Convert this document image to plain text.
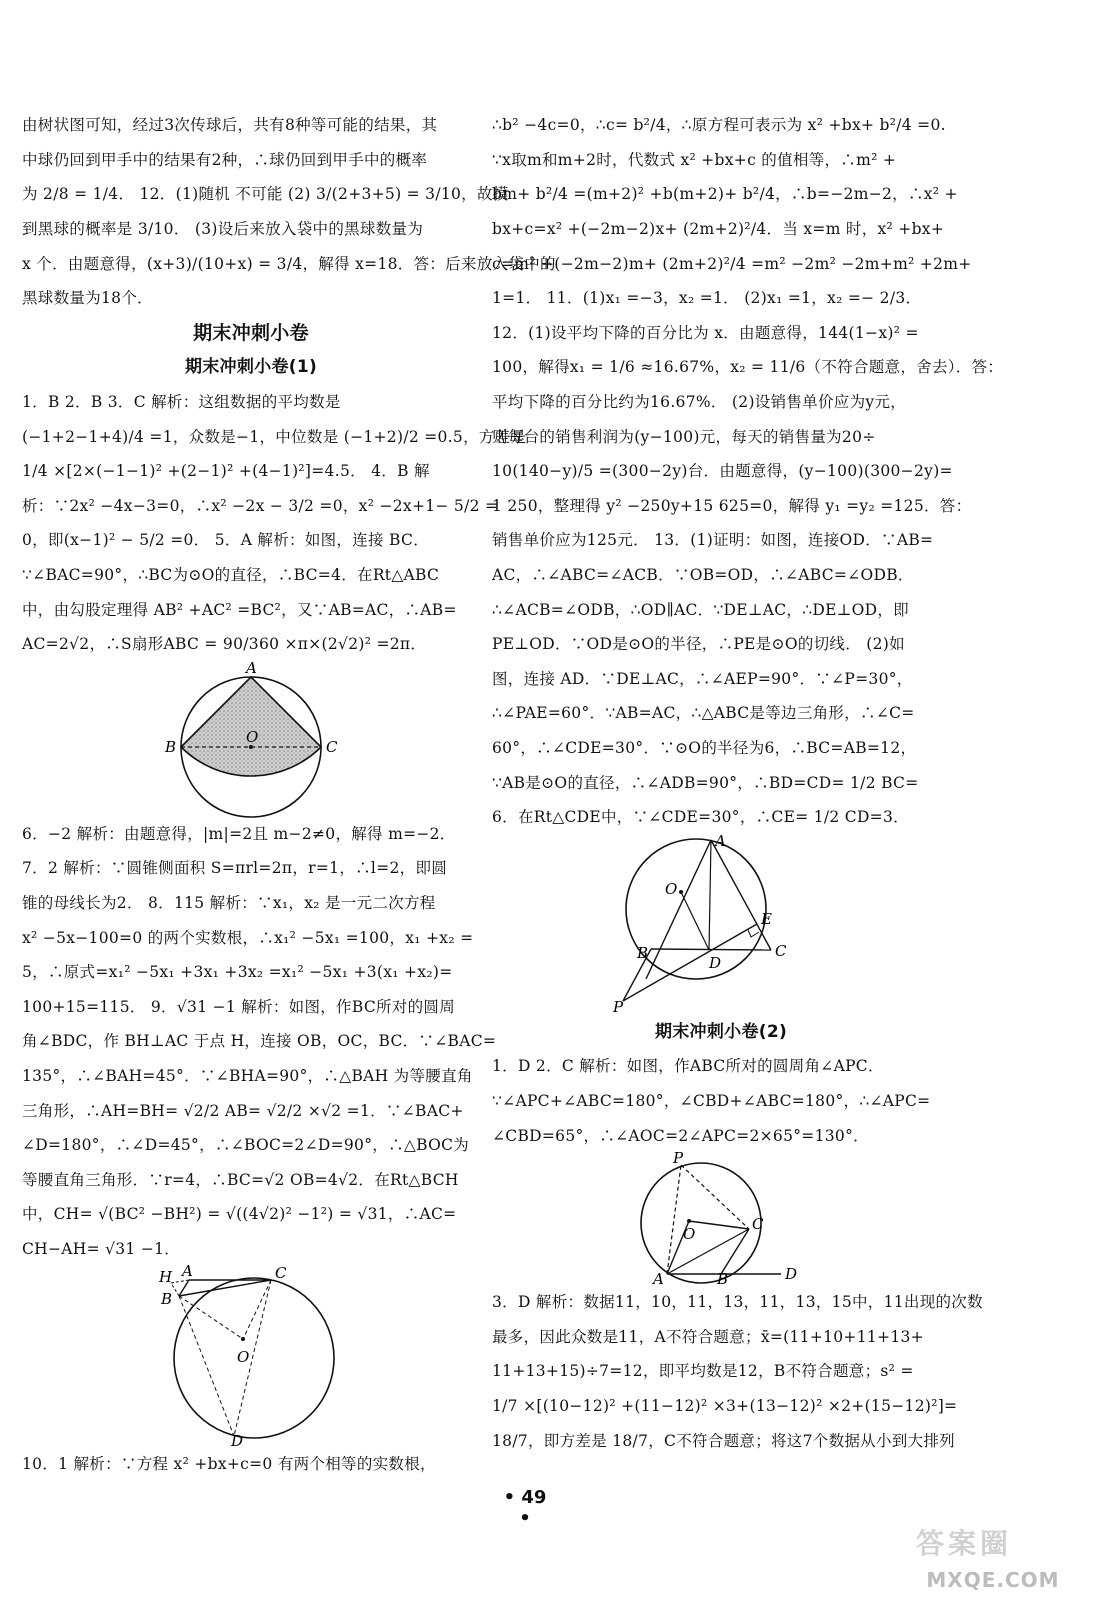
由树状图可知，经过3次传球后，共有8种等可能的结果，其
中球仍回到甲手中的结果有2种，∴球仍回到甲手中的概率
为 2/8 = 1/4． 12．(1)随机 不可能 (2) 3/(2+3+5) = 3/10，故摸
到黑球的概率是 3/10． (3)设后来放入袋中的黑球数量为
x 个．由题意得，(x+3)/(10+x) = 3/4，解得 x=18．答：后来放入袋中的
黑球数量为18个．
期末冲刺小卷
期末冲刺小卷(1)
1．B 2．B 3．C 解析：这组数据的平均数是
(−1+2−1+4)/4 =1，众数是−1，中位数是 (−1+2)/2 =0.5，方差是
1/4 ×[2×(−1−1)² +(2−1)² +(4−1)²]=4.5． 4．B 解
析：∵2x² −4x−3=0，∴x² −2x − 3/2 =0，x² −2x+1− 5/2 =
0，即(x−1)² − 5/2 =0． 5．A 解析：如图，连接 BC．
∵∠BAC=90°，∴BC为⊙O的直径，∴BC=4．在Rt△ABC
中，由勾股定理得 AB² +AC² =BC²，又∵AB=AC，∴AB=
AC=2√2，∴S扇形ABC = 90/360 ×π×(2√2)² =2π．
A
B	C
O
6．−2 解析：由题意得，|m|=2且 m−2≠0，解得 m=−2．
7．2 解析：∵圆锥侧面积 S=πrl=2π，r=1，∴l=2，即圆
锥的母线长为2． 8．115 解析：∵x₁，x₂ 是一元二次方程
x² −5x−100=0 的两个实数根，∴x₁² −5x₁ =100，x₁ +x₂ =
5，∴原式=x₁² −5x₁ +3x₁ +3x₂ =x₁² −5x₁ +3(x₁ +x₂)=
100+15=115． 9．√31 −1 解析：如图，作BC所对的圆周
角∠BDC，作 BH⊥AC 于点 H，连接 OB，OC，BC．∵∠BAC=
135°，∴∠BAH=45°．∵∠BHA=90°，∴△BAH 为等腰直角
三角形，∴AH=BH= √2/2 AB= √2/2 ×√2 =1．∵∠BAC+
∠D=180°，∴∠D=45°，∴∠BOC=2∠D=90°，∴△BOC为
等腰直角三角形．∵r=4，∴BC=√2 OB=4√2．在Rt△BCH
中，CH= √(BC² −BH²) = √((4√2)² −1²) = √31，∴AC=
CH−AH= √31 −1．
H A
B
C
O
D
10．1 解析：∵方程 x² +bx+c=0 有两个相等的实数根，
∴b² −4c=0，∴c= b²/4，∴原方程可表示为 x² +bx+ b²/4 =0.
∵x取m和m+2时，代数式 x² +bx+c 的值相等，∴m² +
bm+ b²/4 =(m+2)² +b(m+2)+ b²/4，∴b=−2m−2，∴x² +
bx+c=x² +(−2m−2)x+ (2m+2)²/4．当 x=m 时，x² +bx+
c=m² +(−2m−2)m+ (2m+2)²/4 =m² −2m² −2m+m² +2m+
1=1． 11．(1)x₁ =−3，x₂ =1． (2)x₁ =1，x₂ =− 2/3．
12．(1)设平均下降的百分比为 x．由题意得，144(1−x)² =
100，解得x₁ = 1/6 ≈16.67%，x₂ = 11/6（不符合题意，舍去）．答：
平均下降的百分比约为16.67%． (2)设销售单价应为y元，
则每台的销售利润为(y−100)元，每天的销售量为20÷
10(140−y)/5 =(300−2y)台．由题意得，(y−100)(300−2y)=
1 250，整理得 y² −250y+15 625=0，解得 y₁ =y₂ =125．答：
销售单价应为125元． 13．(1)证明：如图，连接OD．∵AB=
AC，∴∠ABC=∠ACB．∵OB=OD，∴∠ABC=∠ODB．
∴∠ACB=∠ODB，∴OD∥AC．∵DE⊥AC，∴DE⊥OD，即
PE⊥OD．∵OD是⊙O的半径，∴PE是⊙O的切线． (2)如
图，连接 AD．∵DE⊥AC，∴∠AEP=90°．∵∠P=30°，
∴∠PAE=60°．∵AB=AC，∴△ABC是等边三角形，∴∠C=
60°，∴∠CDE=30°．∵⊙O的半径为6，∴BC=AB=12，
∵AB是⊙O的直径，∴∠ADB=90°，∴BD=CD= 1/2 BC=
6．在Rt△CDE中，∵∠CDE=30°，∴CE= 1/2 CD=3．
A
O
E
B
D
C
P
期末冲刺小卷(2)
1．D 2．C 解析：如图，作ABC所对的圆周角∠APC．
∵∠APC+∠ABC=180°，∠CBD+∠ABC=180°，∴∠APC=
∠CBD=65°，∴∠AOC=2∠APC=2×65°=130°．
P
C
O
A	B	D
3．D 解析：数据11，10，11，13，11，13，15中，11出现的次数
最多，因此众数是11，A不符合题意；x̄=(11+10+11+13+
11+13+15)÷7=12，即平均数是12，B不符合题意；s² =
1/7 ×[(10−12)² +(11−12)² ×3+(13−12)² ×2+(15−12)²]=
18/7，即方差是 18/7，C不符合题意；将这7个数据从小到大排列
• 49 •
答案圈
MXQE.COM
